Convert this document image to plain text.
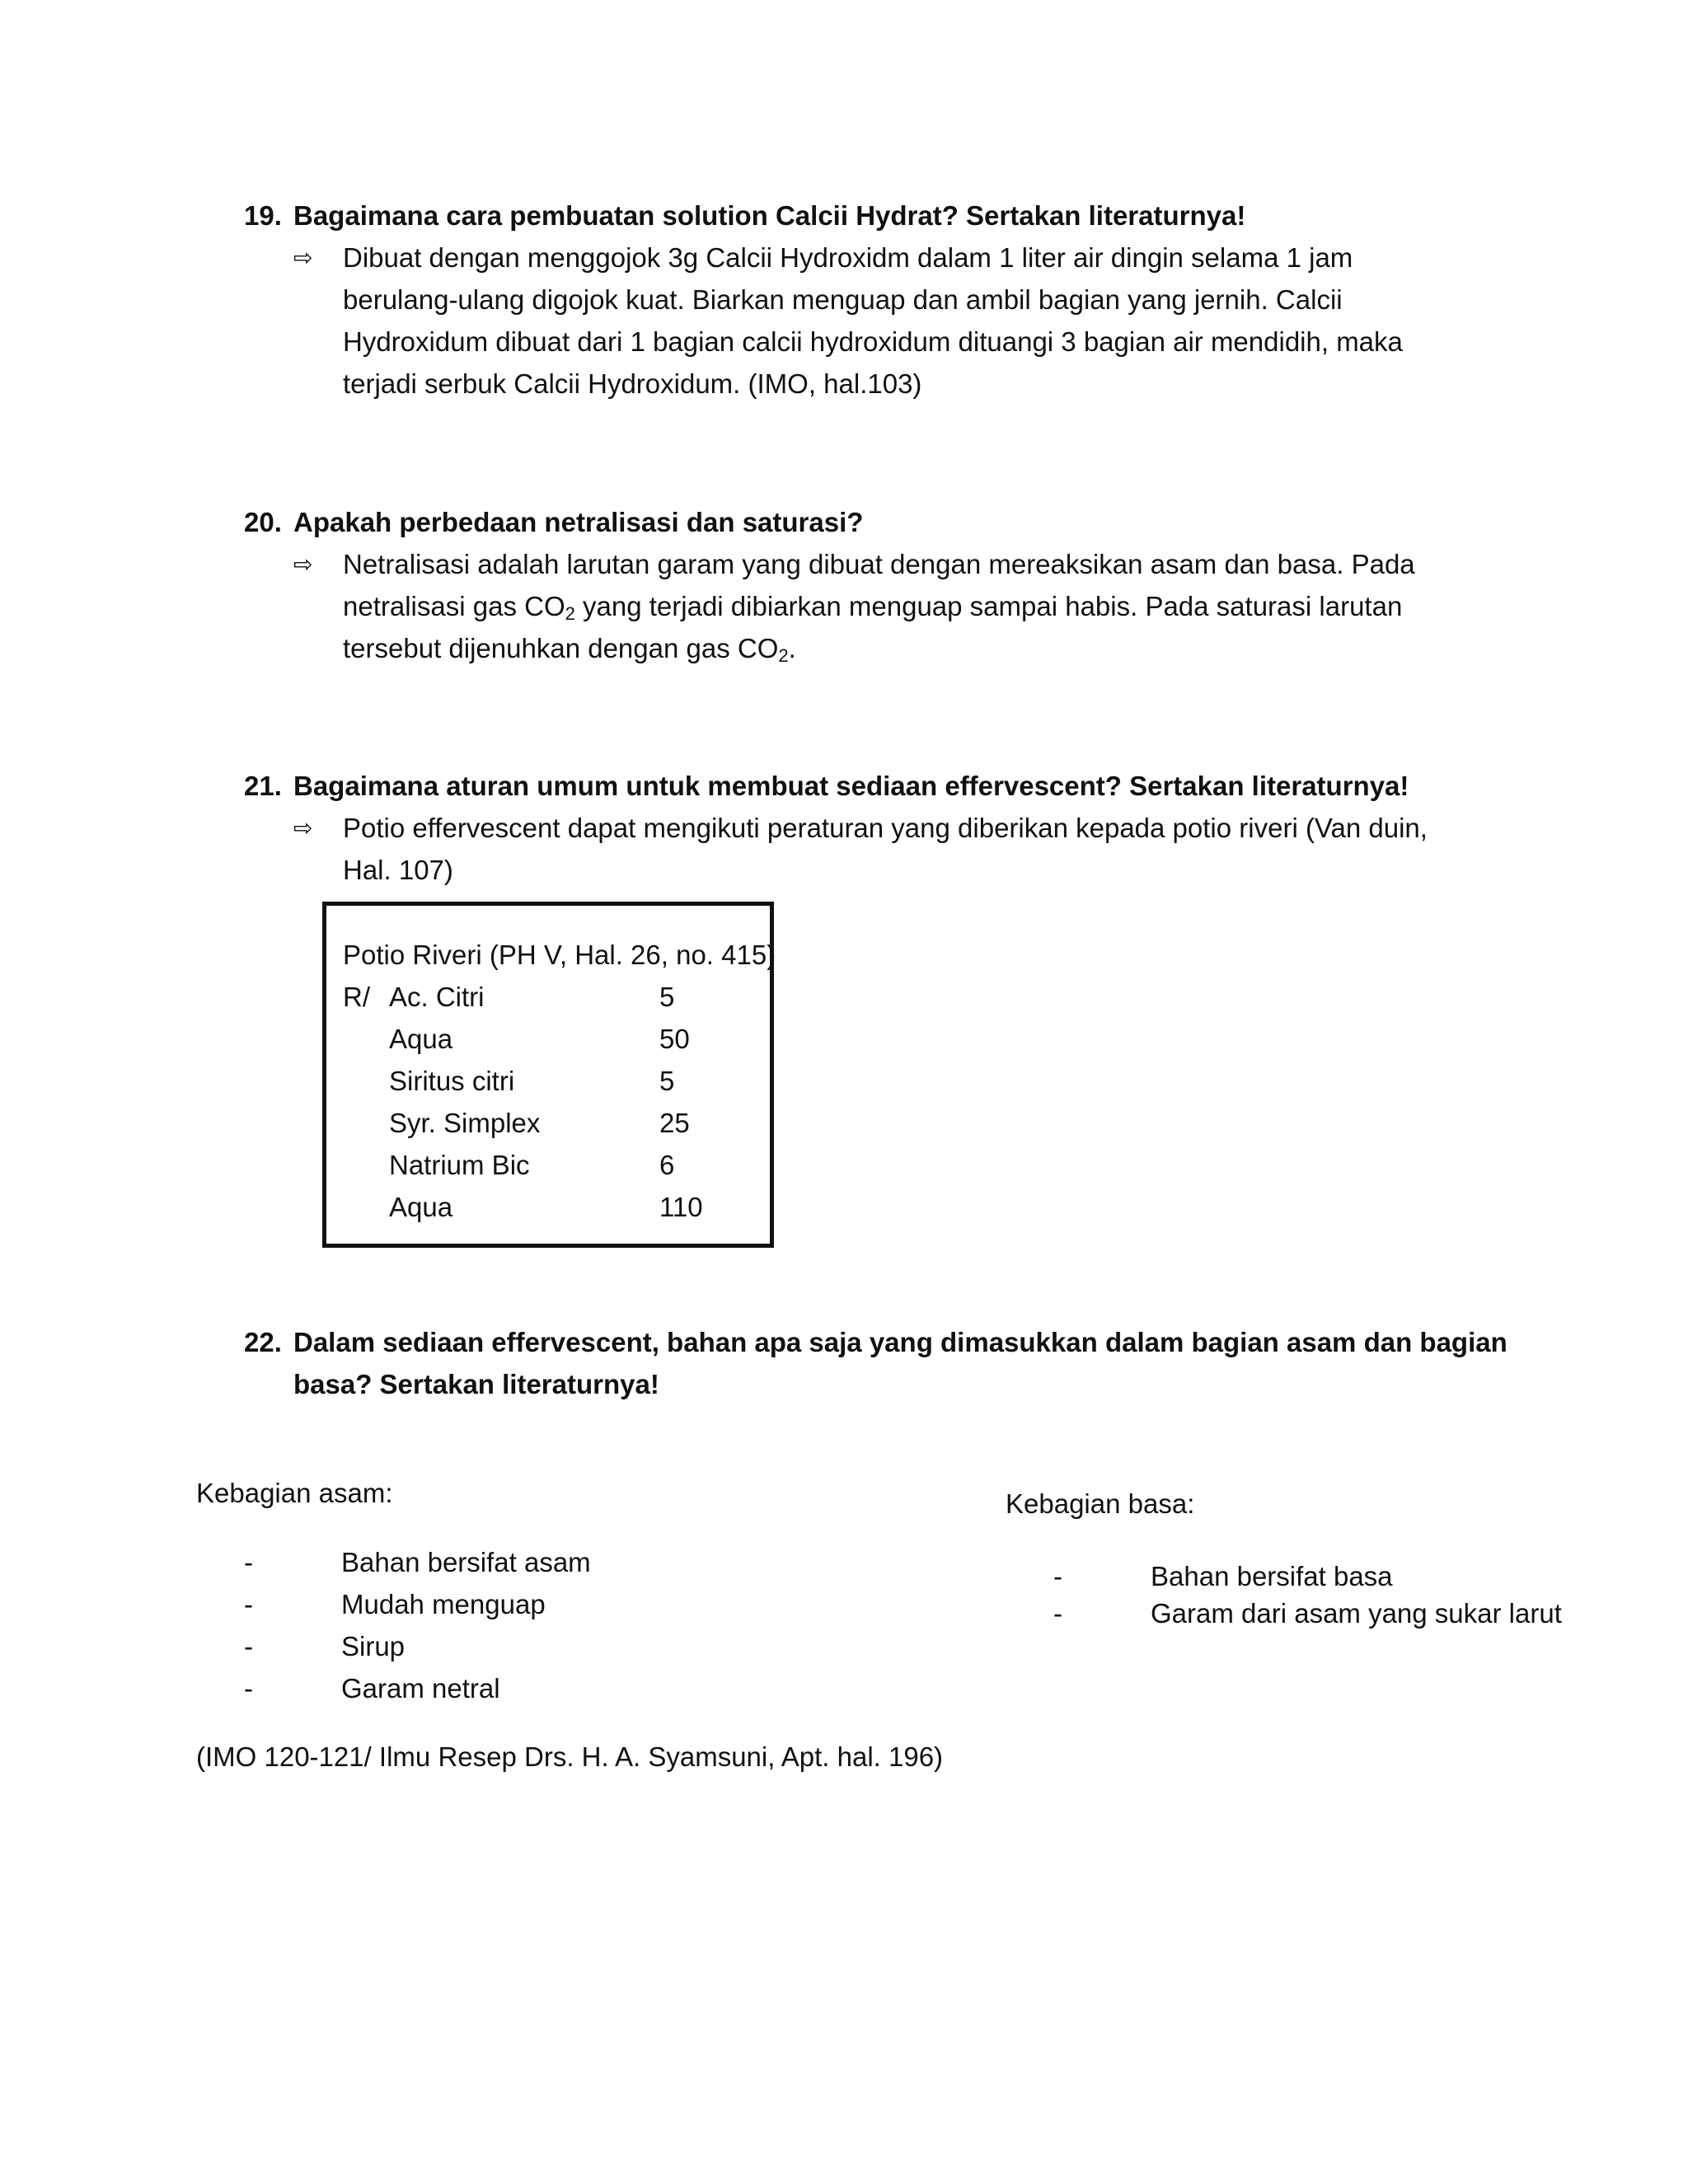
19. Bagaimana cara pembuatan solution Calcii Hydrat? Sertakan literaturnya!
⇨	Dibuat dengan menggojok 3g Calcii Hydroxidm dalam 1 liter air dingin selama 1 jam
berulang-ulang digojok kuat. Biarkan menguap dan ambil bagian yang jernih. Calcii
Hydroxidum dibuat dari 1 bagian calcii hydroxidum dituangi 3 bagian air mendidih, maka
terjadi serbuk Calcii Hydroxidum. (IMO, hal.103)
20. Apakah perbedaan netralisasi dan saturasi?
⇨	Netralisasi adalah larutan garam yang dibuat dengan mereaksikan asam dan basa. Pada
netralisasi gas $CO_2$ yang terjadi dibiarkan menguap sampai habis. Pada saturasi larutan
tersebut dijenuhkan dengan gas $CO_2$.
21. Bagaimana aturan umum untuk membuat sediaan effervescent? Sertakan literaturnya!
⇨	Potio effervescent dapat mengikuti peraturan yang diberikan kepada potio riveri (Van duin,
Hal. 107)
Potio Riveri (PH V, Hal. 26, no. 415)
R/ Ac. Citri	5
Aqua	50
Siritus citri	5
Syr. Simplex	25
Natrium Bic	6
Aqua	110
22. Dalam sediaan effervescent, bahan apa saja yang dimasukkan dalam bagian asam dan bagian
basa? Sertakan literaturnya!
Kebagian asam:
-	Bahan bersifat asam
-	Mudah menguap
-	Sirup
-	Garam netral
Kebagian basa:
-	Bahan bersifat basa
-	Garam dari asam yang sukar larut
(IMO 120-121/ Ilmu Resep Drs. H. A. Syamsuni, Apt. hal. 196)
